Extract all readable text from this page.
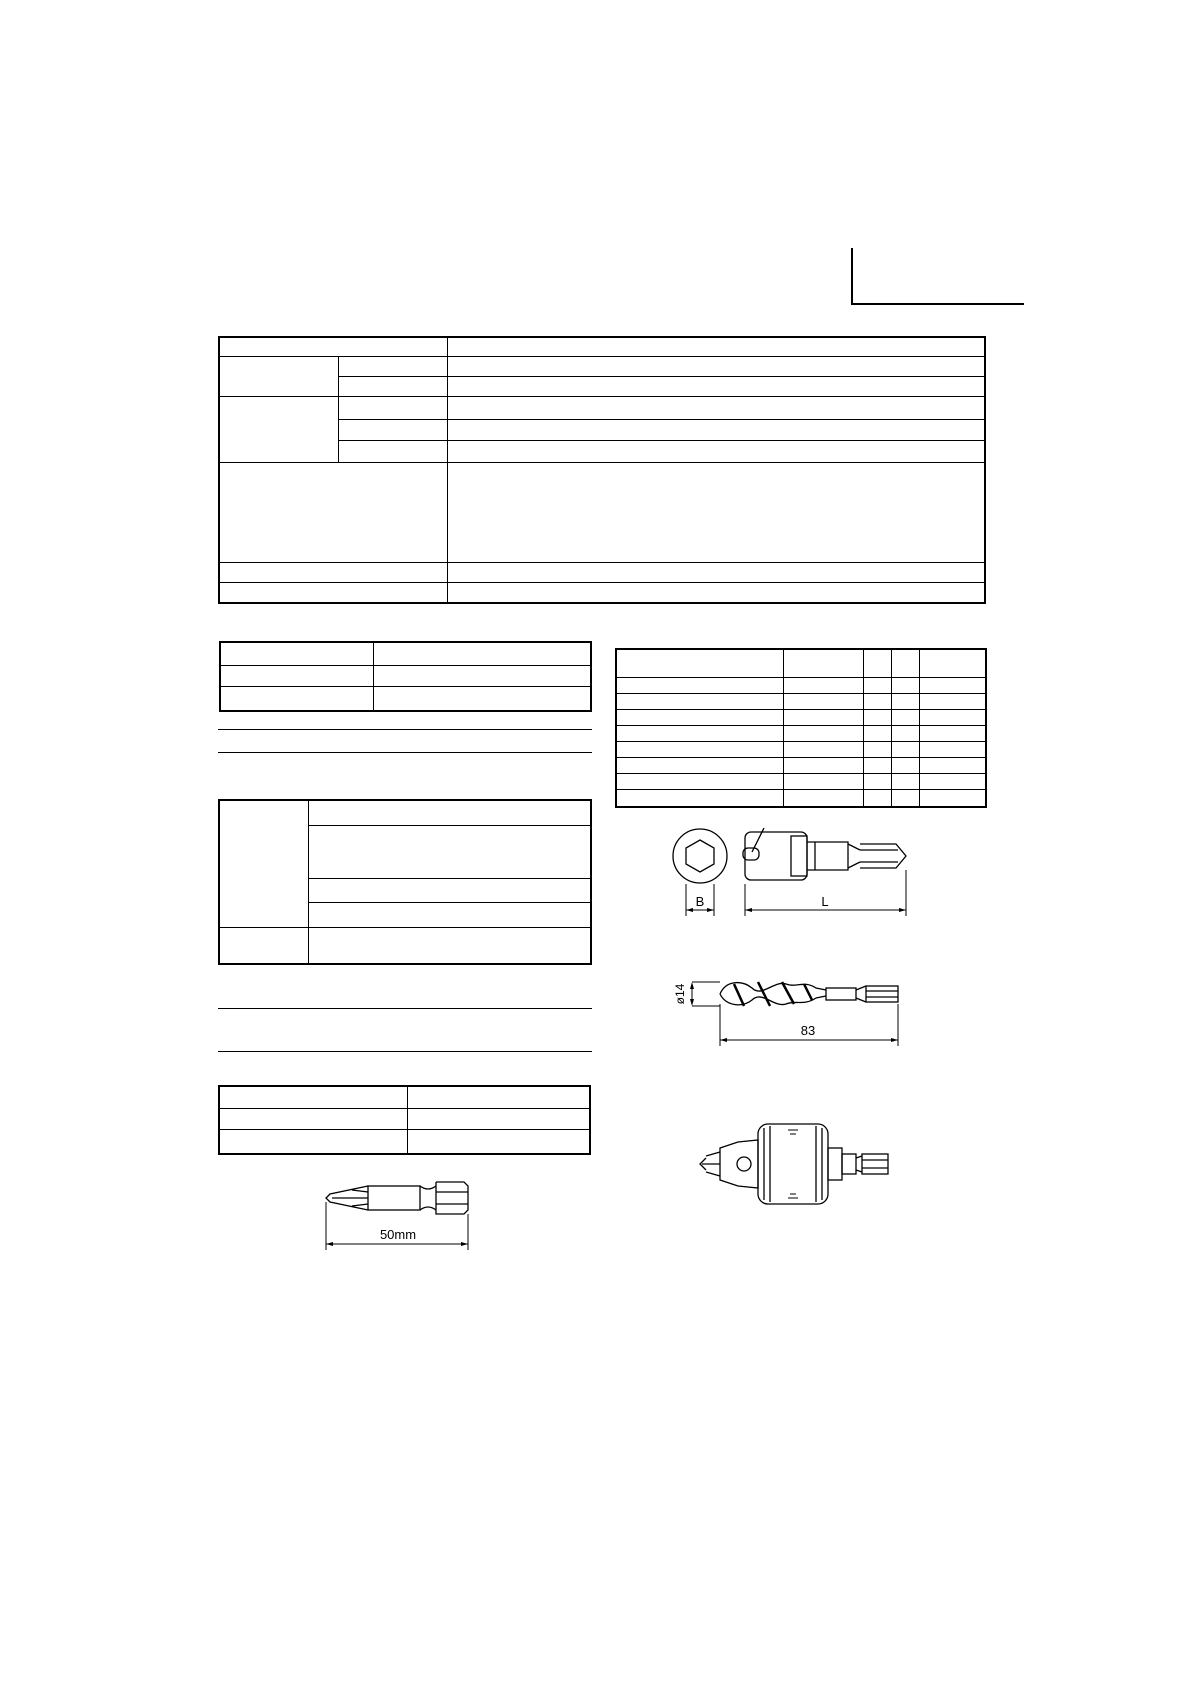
B	L
ø14
83
50mm
